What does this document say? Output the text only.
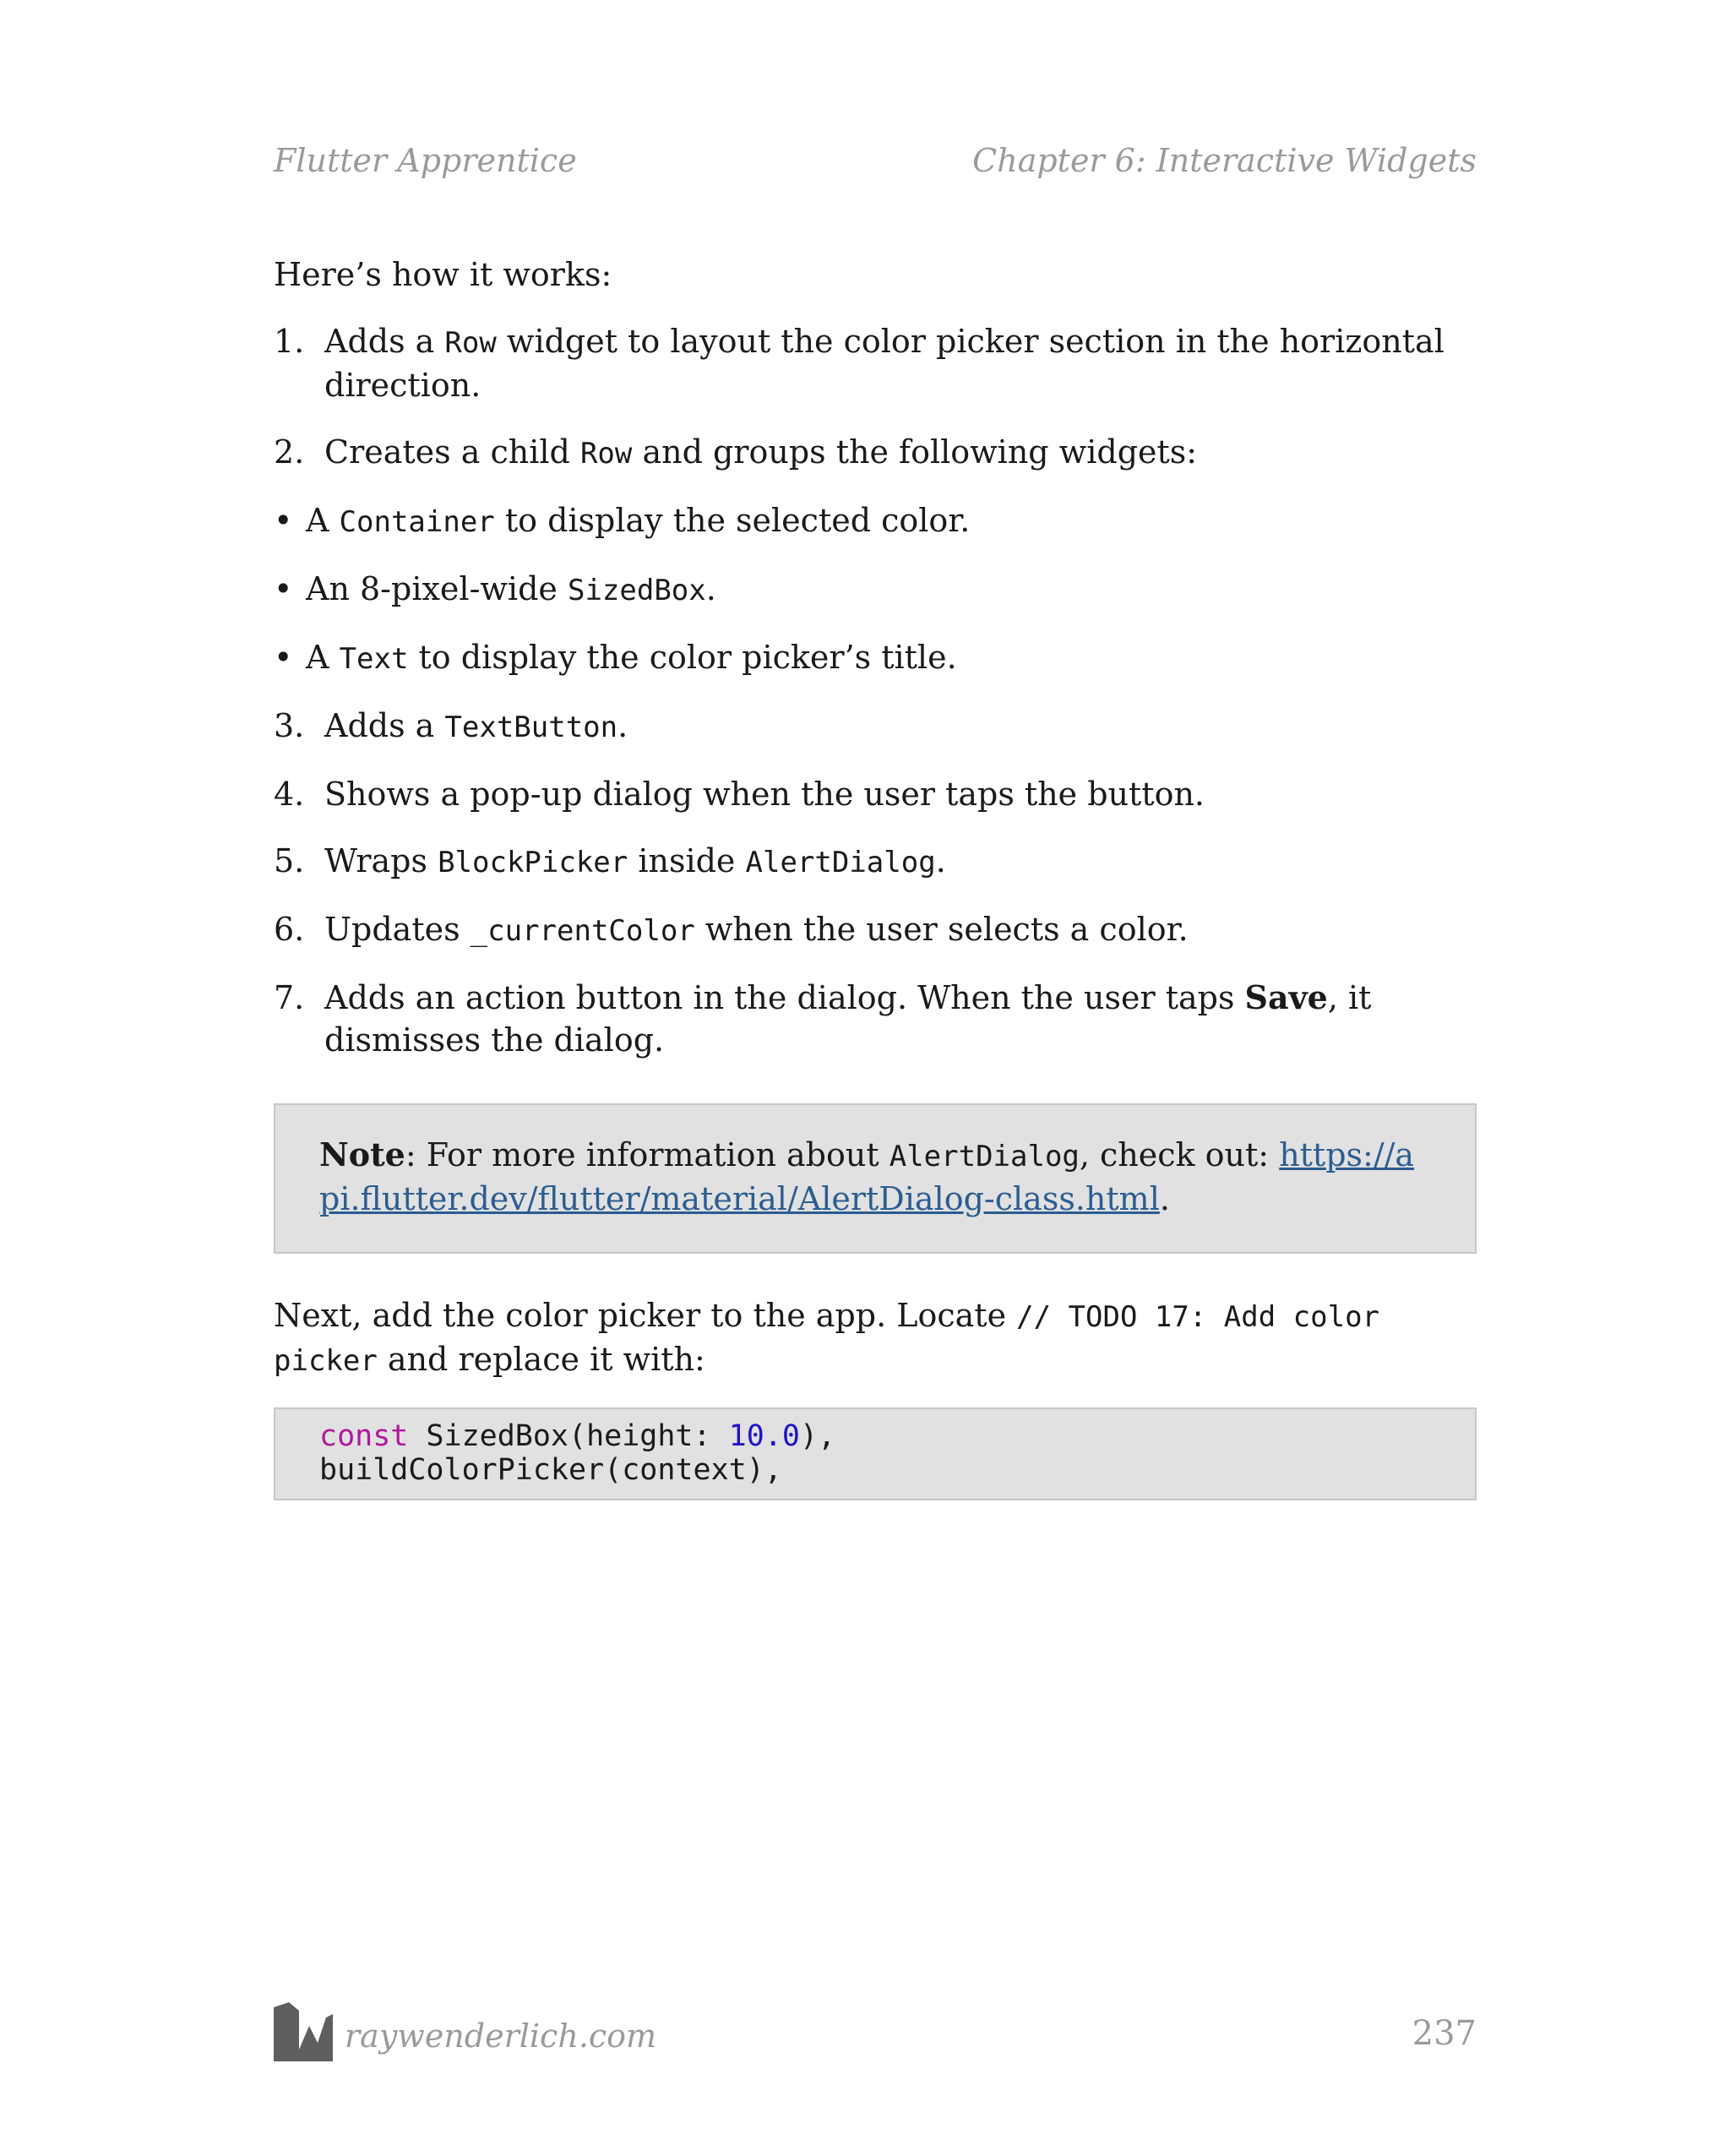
Flutter Apprentice	Chapter 6: Interactive Widgets

Here’s how it works:

1. Adds a Row widget to layout the color picker section in the horizontal direction.
2. Creates a child Row and groups the following widgets:
• A Container to display the selected color.
• An 8-pixel-wide SizedBox.
• A Text to display the color picker’s title.
3. Adds a TextButton.
4. Shows a pop-up dialog when the user taps the button.
5. Wraps BlockPicker inside AlertDialog.
6. Updates _currentColor when the user selects a color.
7. Adds an action button in the dialog. When the user taps Save, it dismisses the dialog.
Note: For more information about AlertDialog, check out: https://api.flutter.dev/flutter/material/AlertDialog-class.html.

Next, add the color picker to the app. Locate // TODO 17: Add color picker and replace it with:

const SizedBox(height: 10.0),
buildColorPicker(context),
raywenderlich.com	237
